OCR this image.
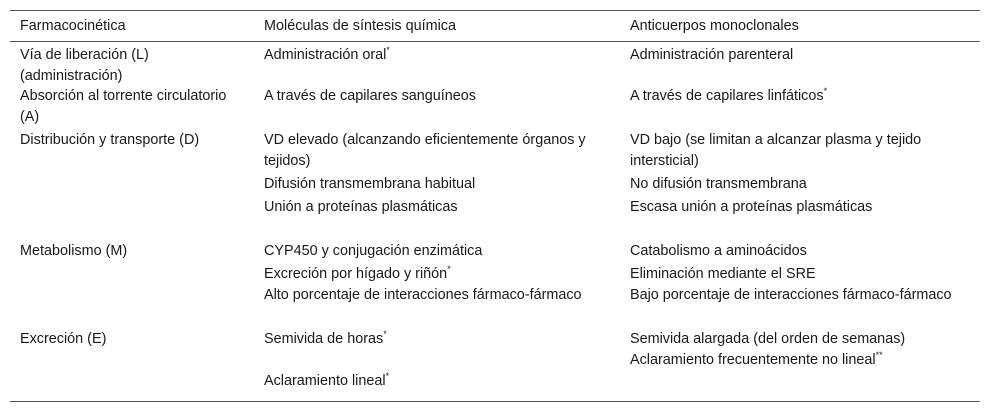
Farmacocinética	Moléculas de síntesis química	Anticuerpos monoclonales
Vía de liberación (L) (administración)	Administración oral*	Administración parenteral
Absorción al torrente circulatorio (A)	A través de capilares sanguíneos	A través de capilares linfáticos*
Distribución y transporte (D)	VD elevado (alcanzando eficientemente órganos y tejidos)	VD bajo (se limitan a alcanzar plasma y tejido intersticial)
	Difusión transmembrana habitual	No difusión transmembrana
	Unión a proteínas plasmáticas	Escasa unión a proteínas plasmáticas
Metabolismo (M)	CYP450 y conjugación enzimática	Catabolismo a aminoácidos
	Excreción por hígado y riñón*	Eliminación mediante el SRE
	Alto porcentaje de interacciones fármaco-fármaco	Bajo porcentaje de interacciones fármaco-fármaco
Excreción (E)	Semivida de horas*	Semivida alargada (del orden de semanas)
		Aclaramiento frecuentemente no lineal**
	Aclaramiento lineal*	
